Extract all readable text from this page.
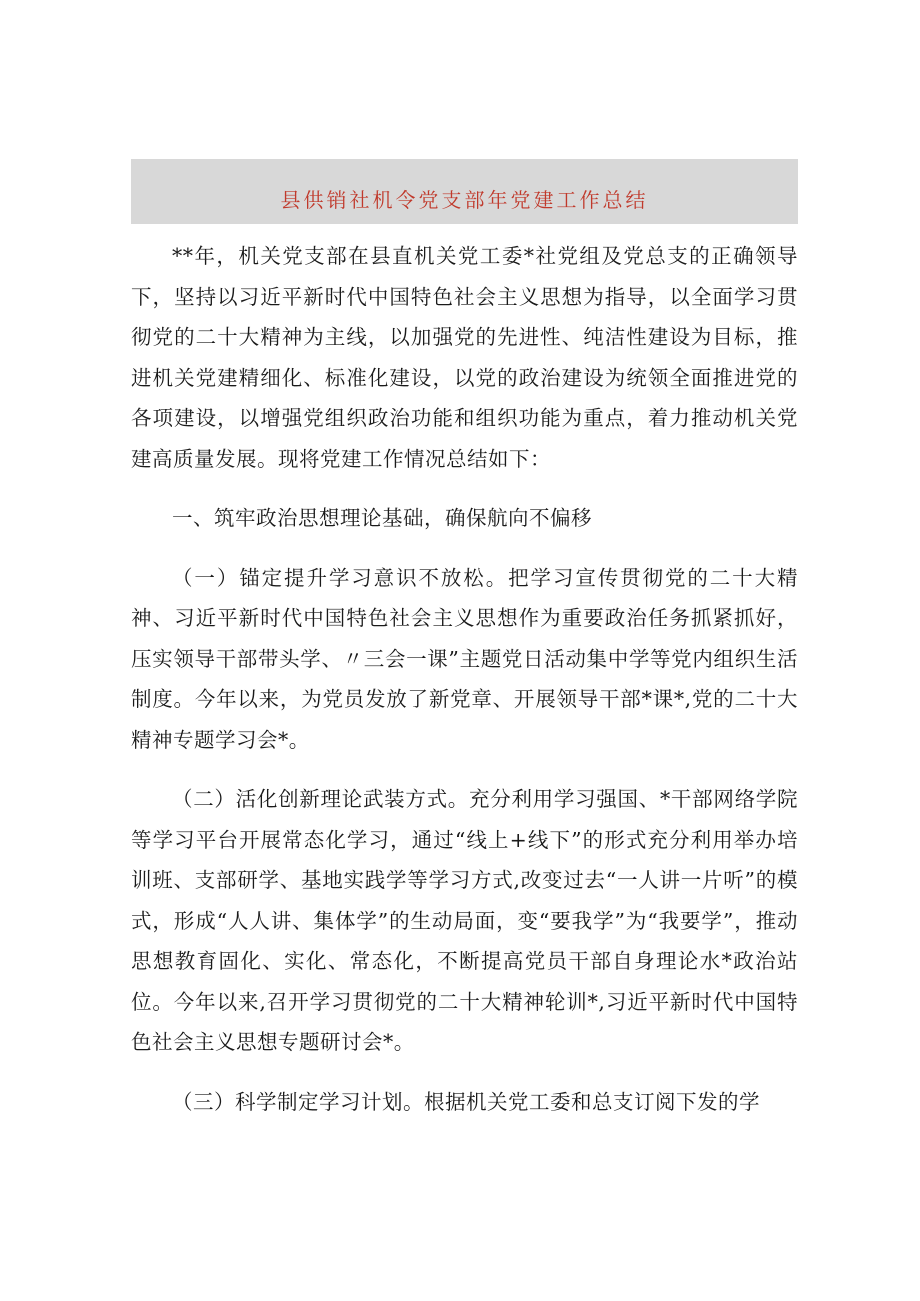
县供销社机令党支部年党建工作总结

**年，机关党支部在县直机关党工委*社党组及党总支的正确领导下，坚持以习近平新时代中国特色社会主义思想为指导，以全面学习贯彻党的二十大精神为主线，以加强党的先进性、纯洁性建设为目标，推进机关党建精细化、标准化建设，以党的政治建设为统领全面推进党的各项建设，以增强党组织政治功能和组织功能为重点，着力推动机关党建高质量发展。现将党建工作情况总结如下：

一、筑牢政治思想理论基础，确保航向不偏移

（一）锚定提升学习意识不放松。把学习宣传贯彻党的二十大精神、习近平新时代中国特色社会主义思想作为重要政治任务抓紧抓好，压实领导干部带头学、〃三会一课”主题党日活动集中学等党内组织生活制度。今年以来，为党员发放了新党章、开展领导干部*课*,党的二十大精神专题学习会*。

（二）活化创新理论武装方式。充分利用学习强国、*干部网络学院等学习平台开展常态化学习，通过“线上+线下”的形式充分利用举办培训班、支部研学、基地实践学等学习方式,改变过去“一人讲一片听”的模式，形成“人人讲、集体学”的生动局面，变“要我学”为“我要学”，推动思想教育固化、实化、常态化，不断提高党员干部自身理论水*政治站位。今年以来,召开学习贯彻党的二十大精神轮训*,习近平新时代中国特色社会主义思想专题研讨会*。

（三）科学制定学习计划。根据机关党工委和总支订阅下发的学
